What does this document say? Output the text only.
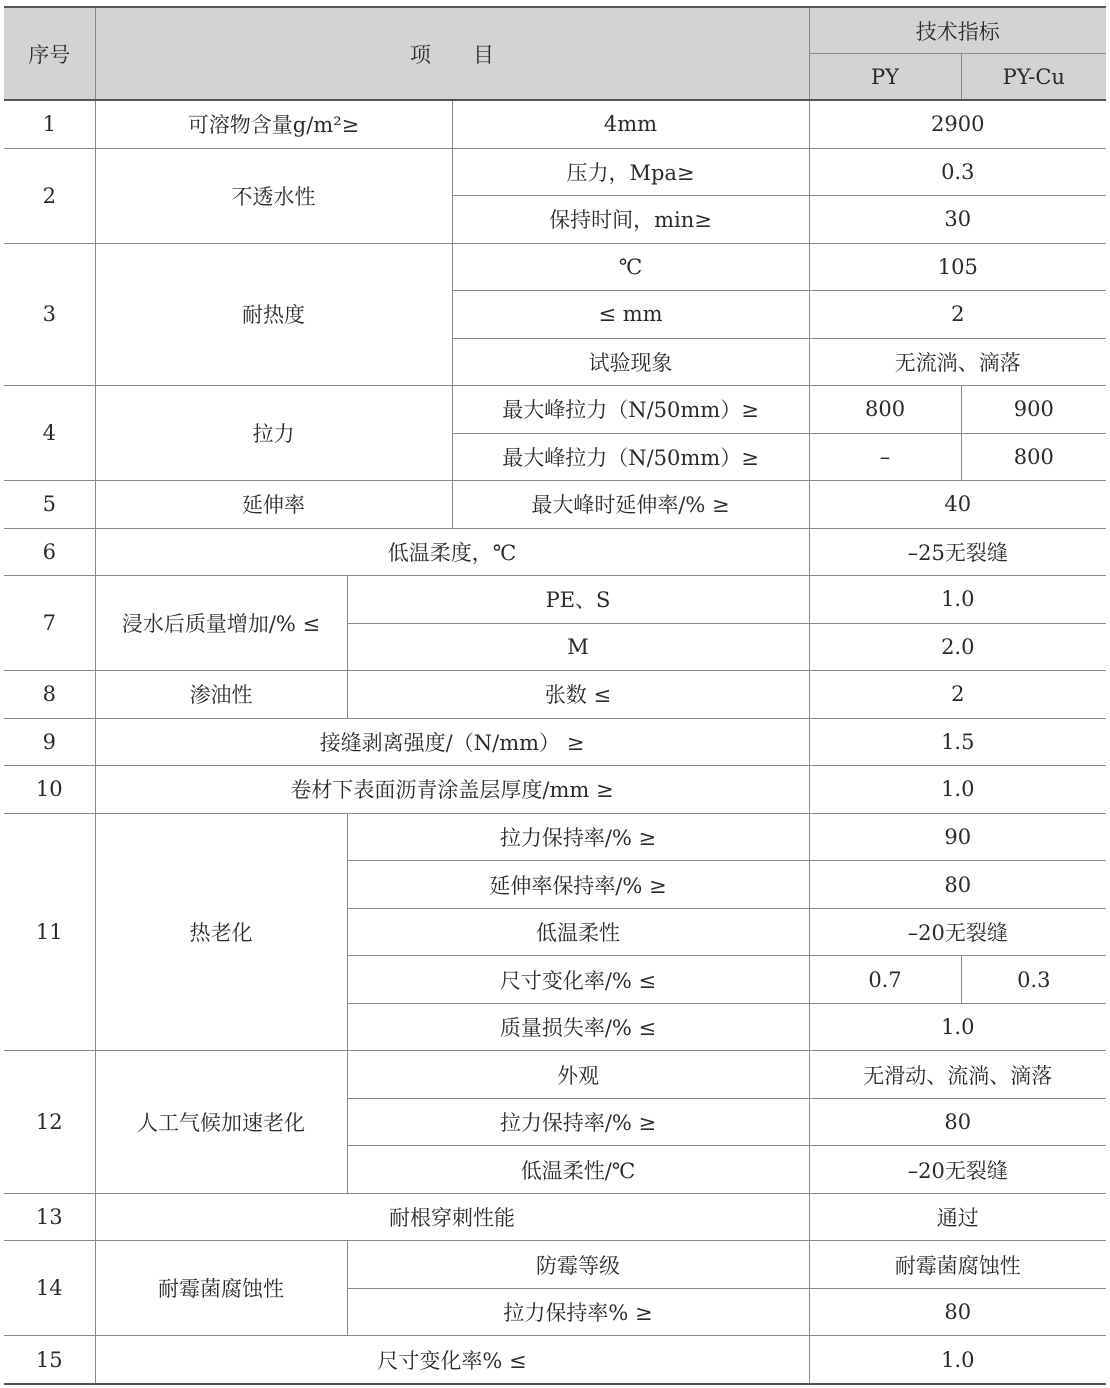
序号	项　　目			技术指标	
				PY	PY-Cu
1	可溶物含量g/m²≥		4mm	2900	
2	不透水性		压力，Mpa≥	0.3	
			保持时间，min≥	30	
3	耐热度		℃	105	
			≤ mm	2	
			试验现象	无流淌、滴落	
4	拉力		最大峰拉力（N/50mm）≥	800	900
			最大峰拉力（N/50mm）≥	–	800
5	延伸率		最大峰时延伸率/% ≥	40	
6	低温柔度，℃			–25无裂缝	
7	浸水后质量增加/% ≤	PE、S		1.0	
		M		2.0	
8	渗油性	张数 ≤		2	
9	接缝剥离强度/（N/mm） ≥			1.5	
10	卷材下表面沥青涂盖层厚度/mm ≥			1.0	
11	热老化	拉力保持率/% ≥		90	
		延伸率保持率/% ≥		80	
		低温柔性		–20无裂缝	
		尺寸变化率/% ≤		0.7	0.3
		质量损失率/% ≤		1.0	
12	人工气候加速老化	外观		无滑动、流淌、滴落	
		拉力保持率/% ≥		80	
		低温柔性/℃		–20无裂缝	
13	耐根穿刺性能			通过	
14	耐霉菌腐蚀性	防霉等级		耐霉菌腐蚀性	
		拉力保持率% ≥		80	
15	尺寸变化率% ≤			1.0	
